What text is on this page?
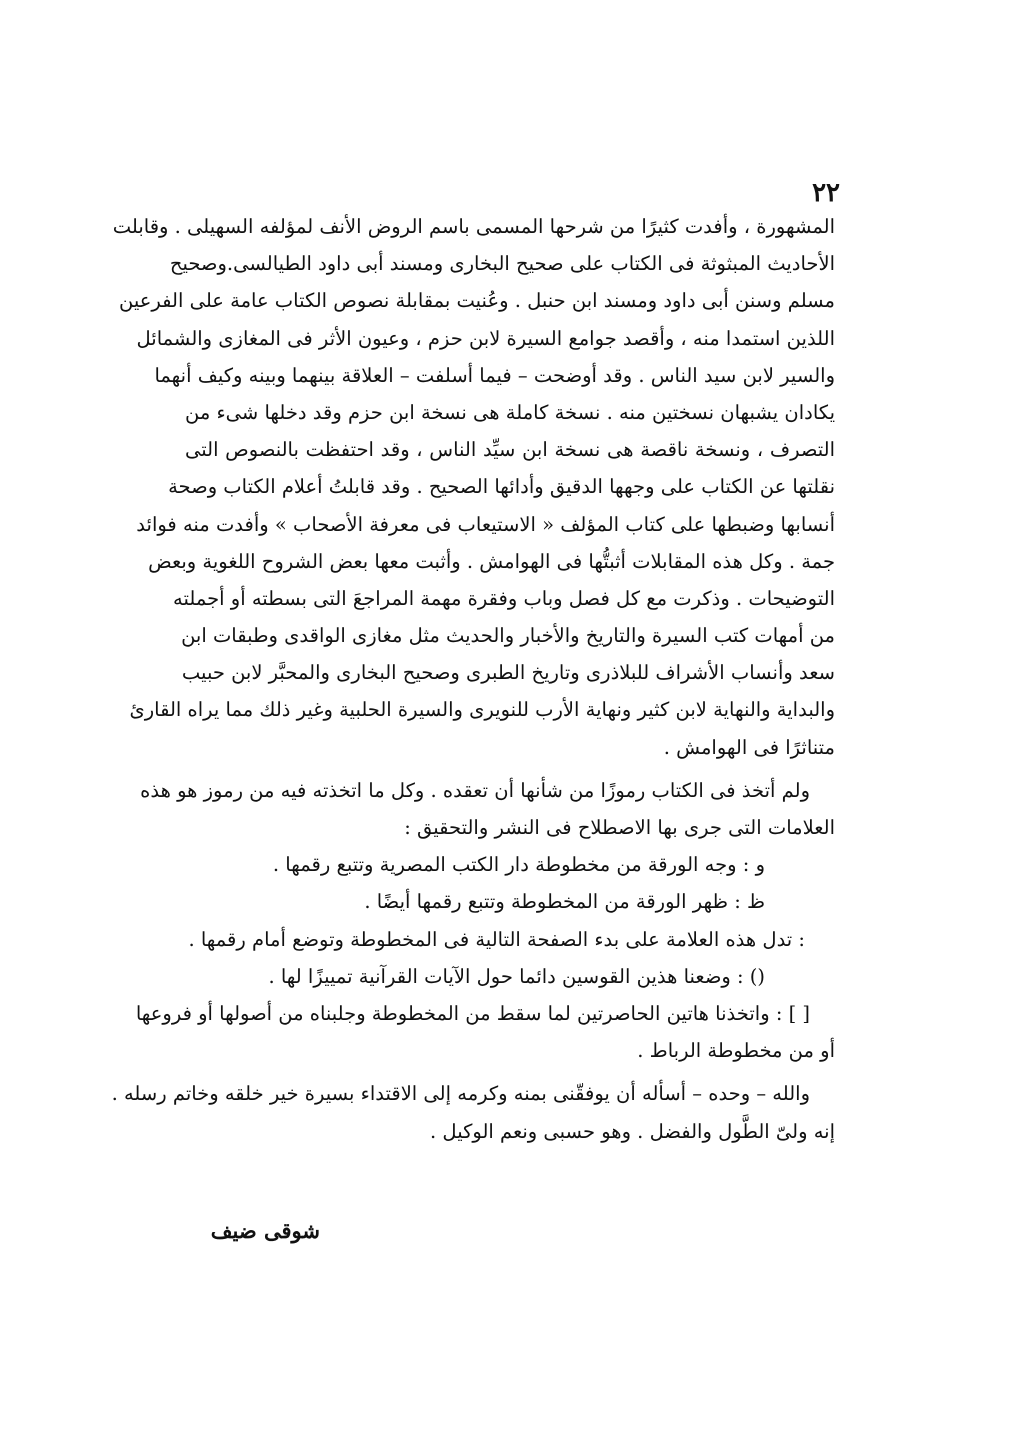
٢٢
المشهورة ، وأفدت كثيرًا من شرحها المسمى باسم الروض الأنف لمؤلفه السهيلى . وقابلت
الأحاديث المبثوثة فى الكتاب على صحيح البخارى ومسند أبى داود الطيالسى.وصحيح
مسلم وسنن أبى داود ومسند ابن حنبل . وعُنيت بمقابلة نصوص الكتاب عامة على الفرعين
اللذين استمدا منه ، وأقصد جوامع السيرة لابن حزم ، وعيون الأثر فى المغازى والشمائل
والسير لابن سيد الناس . وقد أوضحت – فيما أسلفت – العلاقة بينهما وبينه وكيف أنهما
يكادان يشبهان نسختين منه . نسخة كاملة هى نسخة ابن حزم وقد دخلها شىء من
التصرف ، ونسخة ناقصة هى نسخة ابن سيِّد الناس ، وقد احتفظت بالنصوص التى
نقلتها عن الكتاب على وجهها الدقيق وأدائها الصحيح . وقد قابلتُ أعلام الكتاب وصحة
أنسابها وضبطها على كتاب المؤلف « الاستيعاب فى معرفة الأصحاب » وأفدت منه فوائد
جمة . وكل هذه المقابلات أثبتُّها فى الهوامش . وأثبت معها بعض الشروح اللغوية وبعض
التوضيحات . وذكرت مع كل فصل وباب وفقرة مهمة المراجعَ التى بسطته أو أجملته
من أمهات كتب السيرة والتاريخ والأخبار والحديث مثل مغازى الواقدى وطبقات ابن
سعد وأنساب الأشراف للبلاذرى وتاريخ الطبرى وصحيح البخارى والمحبَّر لابن حبيب
والبداية والنهاية لابن كثير ونهاية الأرب للنويرى والسيرة الحلبية وغير ذلك مما يراه القارئ
متناثرًا فى الهوامش .
ولم أتخذ فى الكتاب رموزًا من شأنها أن تعقده . وكل ما اتخذته فيه من رموز هو هذه
العلامات التى جرى بها الاصطلاح فى النشر والتحقيق :
و : وجه الورقة من مخطوطة دار الكتب المصرية وتتبع رقمها .
ظ : ظهر الورقة من المخطوطة وتتبع رقمها أيضًا .
: تدل هذه العلامة على بدء الصفحة التالية فى المخطوطة وتوضع أمام رقمها .
() : وضعنا هذين القوسين دائما حول الآيات القرآنية تمييزًا لها .
[ ] : واتخذنا هاتين الحاصرتين لما سقط من المخطوطة وجلبناه من أصولها أو فروعها
أو من مخطوطة الرباط .
والله – وحده – أسأله أن يوفقّنى بمنه وكرمه إلى الاقتداء بسيرة خير خلقه وخاتم رسله .
إنه ولىّ الطَّول والفضل . وهو حسبى ونعم الوكيل .
شوقى ضيف
